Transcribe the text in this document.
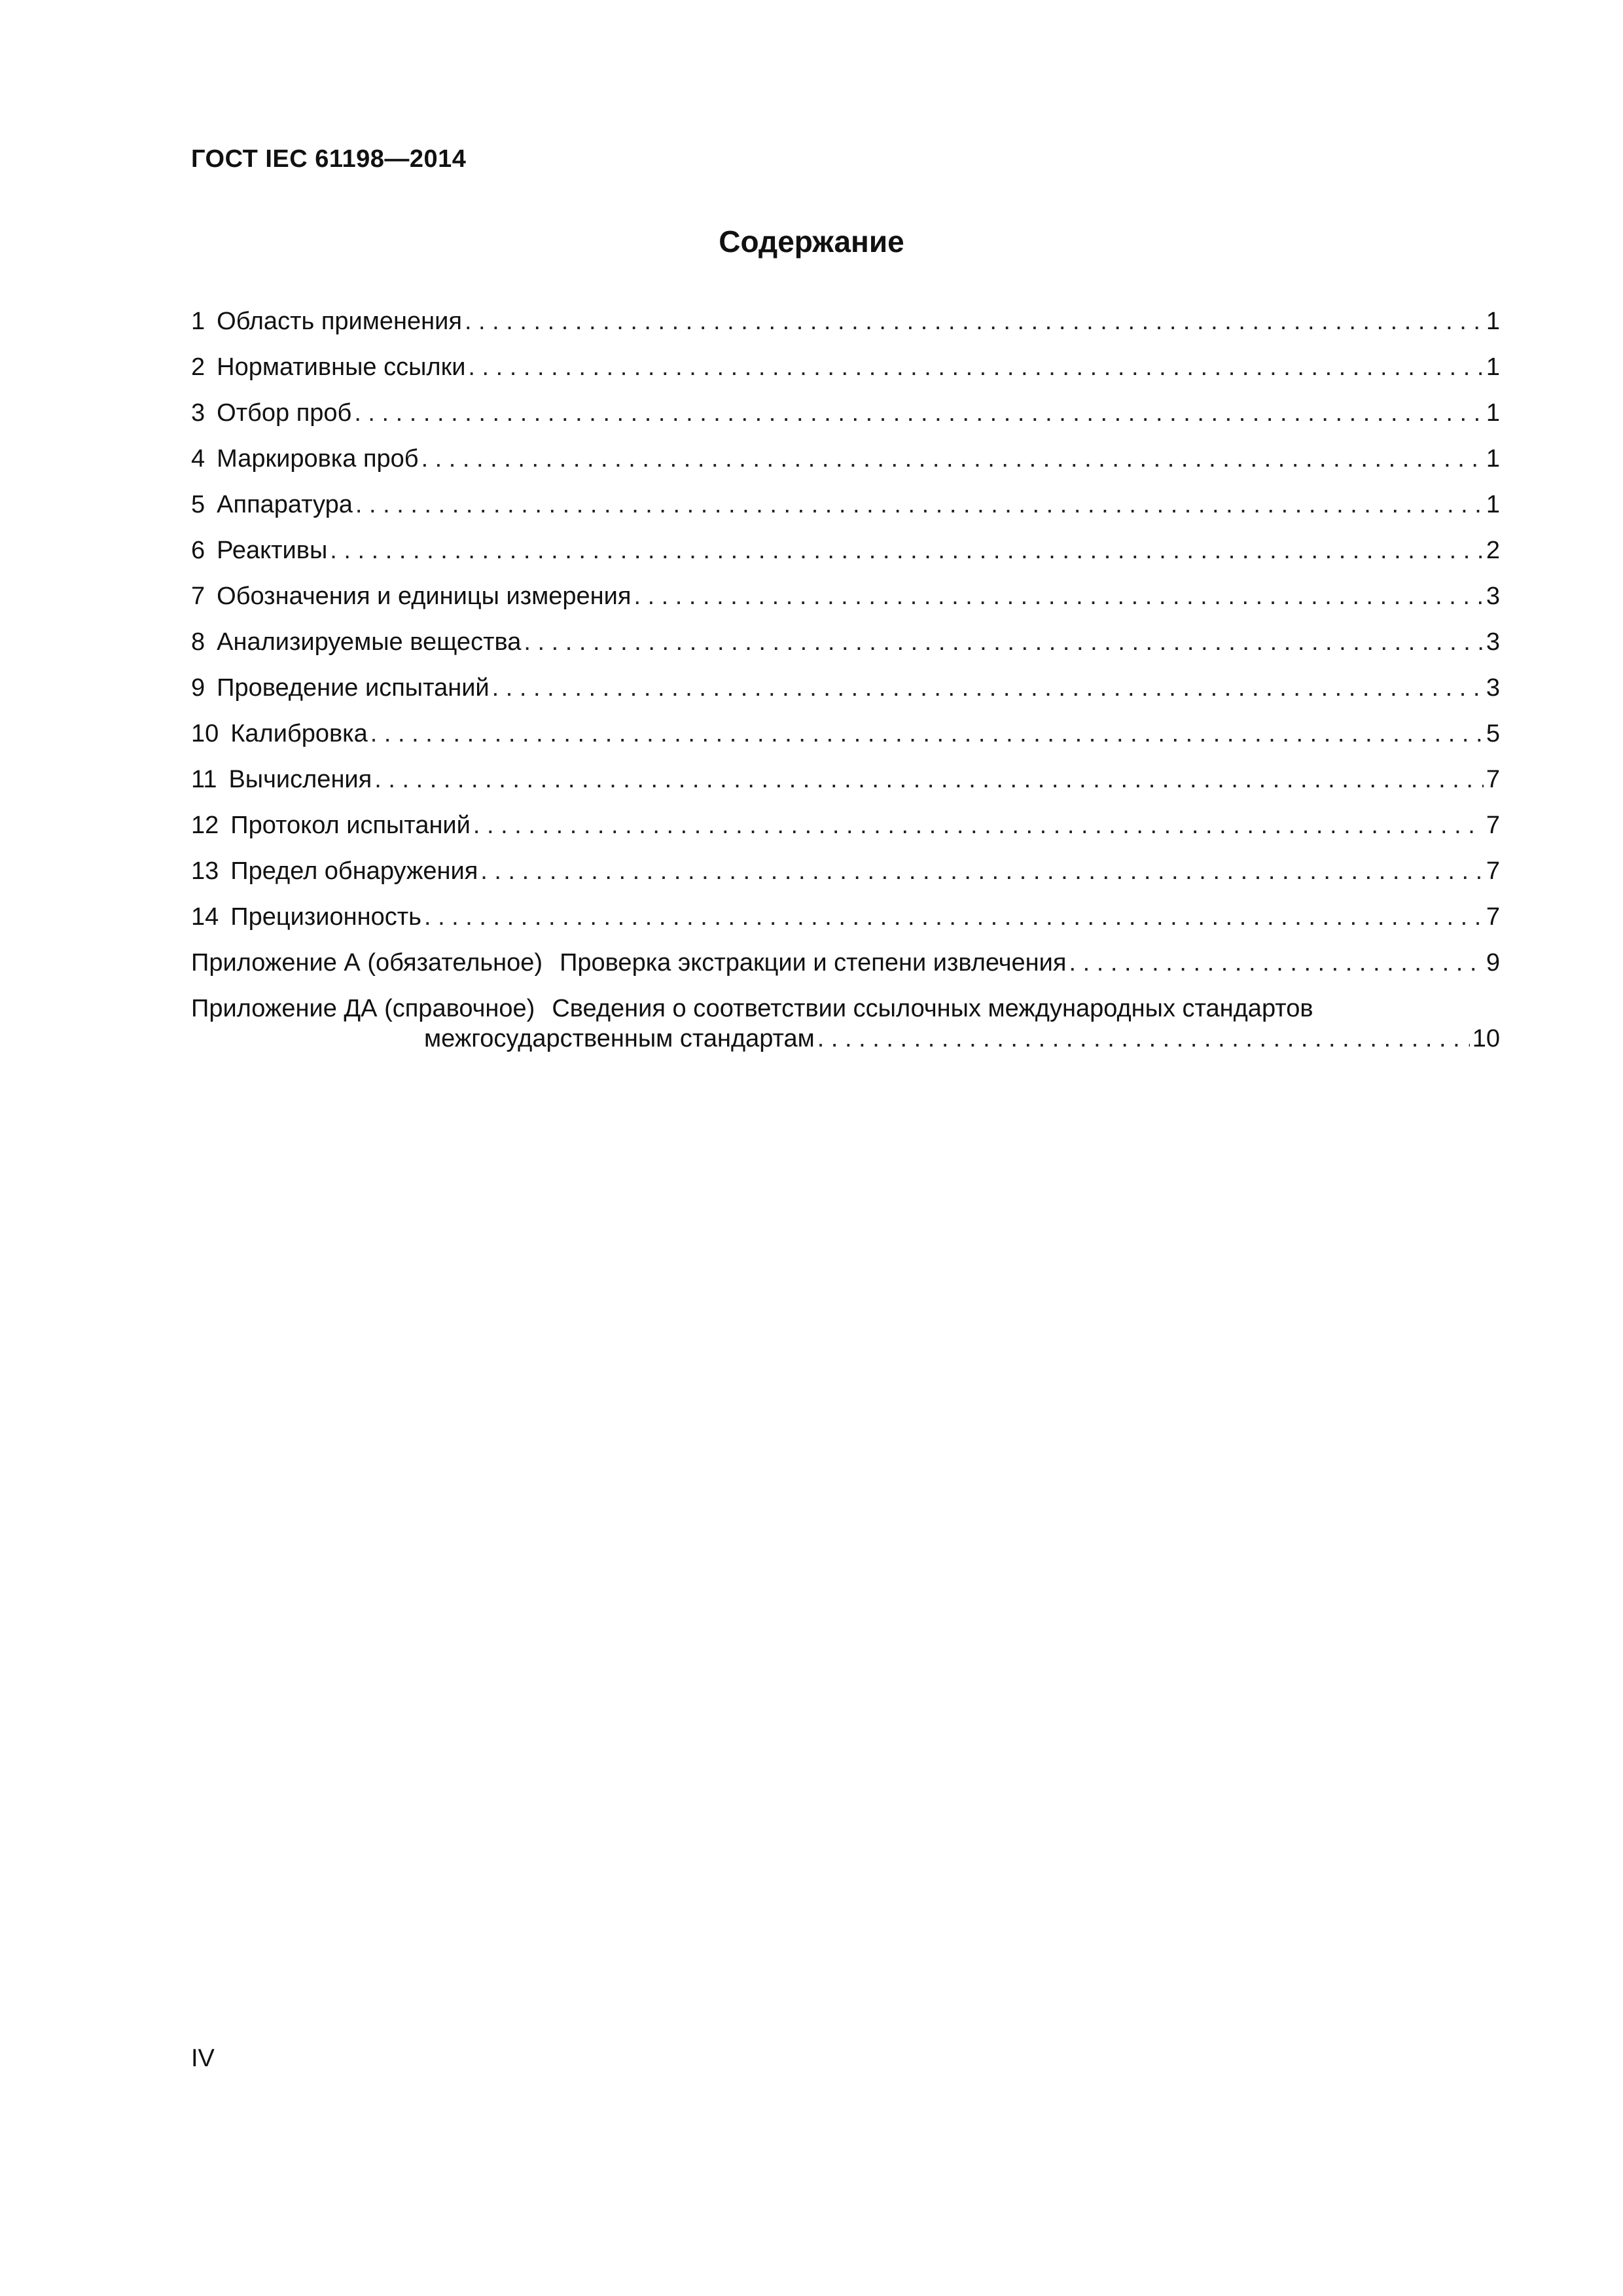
ГОСТ IEC 61198—2014
Содержание
1 Область применения . . .	1
2 Нормативные ссылки . . .	1
3 Отбор проб . . .	1
4 Маркировка проб . . .	1
5 Аппаратура . . .	1
6 Реактивы . . .	2
7 Обозначения и единицы измерения . . .	3
8 Анализируемые вещества . . .	3
9 Проведение испытаний . . .	3
10 Калибровка . . .	5
11 Вычисления . . .	7
12 Протокол испытаний . . .	7
13 Предел обнаружения . . .	7
14 Прецизионность . . .	7
Приложение А (обязательное) Проверка экстракции и степени извлечения . . .	9
Приложение ДА (справочное) Сведения о соответствии ссылочных международных стандартов
межгосударственным стандартам . . .	10
IV
